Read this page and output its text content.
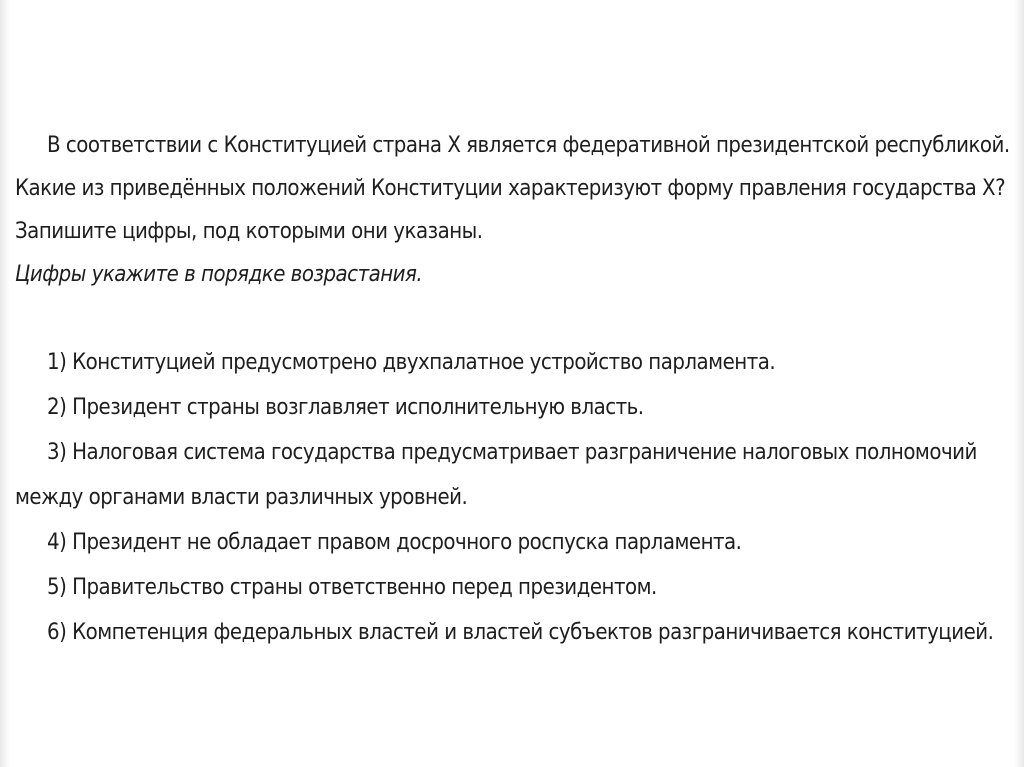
В соответствии с Конституцией страна Х является федеративной президентской республикой. Какие из приведённых положений Конституции характеризуют форму правления государства Х? Запишите цифры, под которыми они указаны.
Цифры укажите в порядке возрастания.

1) Конституцией предусмотрено двухпалатное устройство парламента.

2) Президент страны возглавляет исполнительную власть.

3) Налоговая система государства предусматривает разграничение налоговых полномочий между органами власти различных уровней.

4) Президент не обладает правом досрочного роспуска парламента.

5) Правительство страны ответственно перед президентом.

6) Компетенция федеральных властей и властей субъектов разграничивается конституцией.
